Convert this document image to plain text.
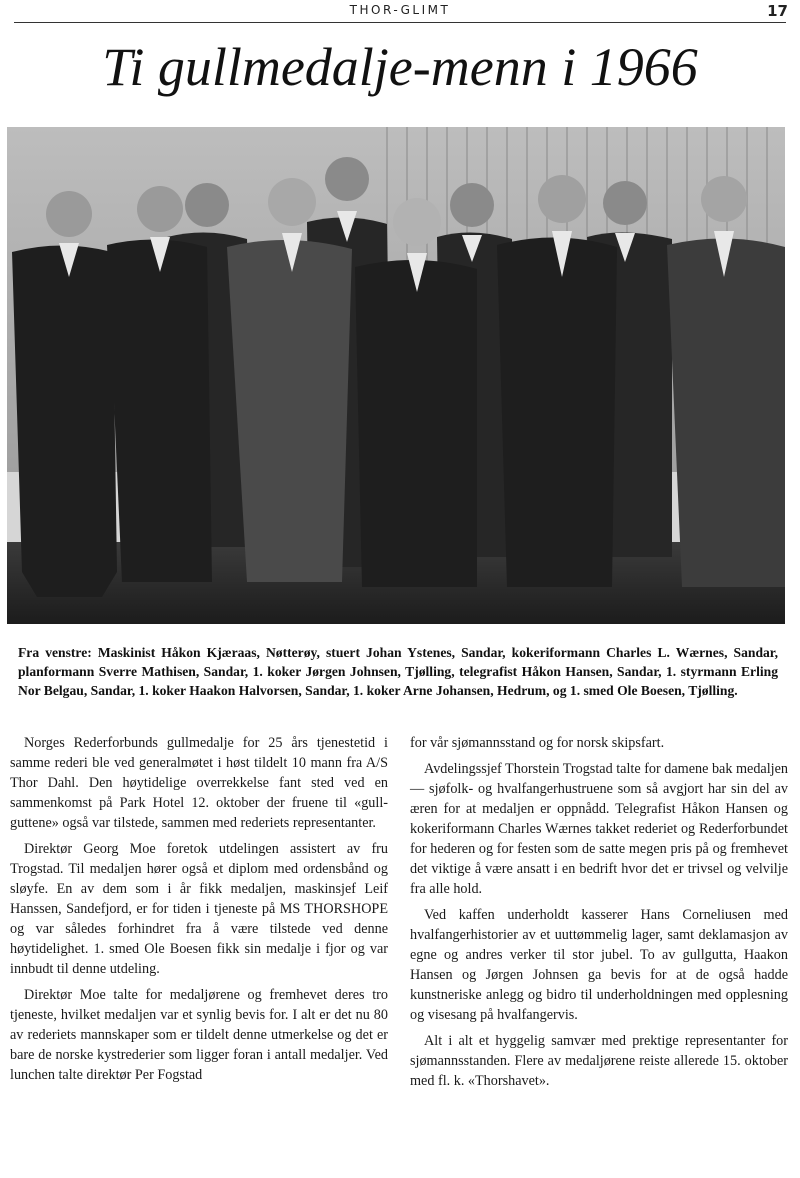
THOR-GLIMT	17
Ti gullmedalje-menn i 1966
Fra venstre: Maskinist Håkon Kjæraas, Nøtterøy, stuert Johan Ystenes, Sandar, kokeriformann Charles L. Wærnes, Sandar, planformann Sverre Mathisen, Sandar, 1. koker Jørgen Johnsen, Tjølling, telegrafist Håkon Hansen, Sandar, 1. styrmann Erling Nor Belgau, Sandar, 1. koker Haakon Halvorsen, Sandar, 1. koker Arne Johansen, Hedrum, og 1. smed Ole Boesen, Tjølling.

Norges Rederforbunds gullmedalje for 25 års tjenestetid i samme rederi ble ved generalmøtet i høst tildelt 10 mann fra A/S Thor Dahl. Den høytidelige overrekkelse fant sted ved en sammenkomst på Park Hotel 12. oktober der fruene til «gull-guttene» også var tilstede, sammen med rederiets representanter.

Direktør Georg Moe foretok utdelingen assistert av fru Trogstad. Til medaljen hører også et diplom med ordensbånd og sløyfe. En av dem som i år fikk medaljen, maskinsjef Leif Hanssen, Sandefjord, er for tiden i tjeneste på MS THORSHOPE og var således forhindret fra å være tilstede ved denne høytidelighet. 1. smed Ole Boesen fikk sin medalje i fjor og var innbudt til denne utdeling.

Direktør Moe talte for medaljørene og fremhevet deres tro tjeneste, hvilket medaljen var et synlig bevis for. I alt er det nu 80 av rederiets mannskaper som er tildelt denne utmerkelse og det er bare de norske kystrederier som ligger foran i antall medaljer. Ved lunchen talte direktør Per Fogstad

for vår sjømannsstand og for norsk skipsfart.

Avdelingssjef Thorstein Trogstad talte for damene bak medaljen — sjøfolk- og hvalfangerhustruene som så avgjort har sin del av æren for at medaljen er oppnådd. Telegrafist Håkon Hansen og kokeriformann Charles Wærnes takket rederiet og Rederforbundet for hederen og for festen som de satte megen pris på og fremhevet det viktige å være ansatt i en bedrift hvor det er trivsel og velvilje fra alle hold.

Ved kaffen underholdt kasserer Hans Corneliusen med hvalfangerhistorier av et uuttømmelig lager, samt deklamasjon av egne og andres verker til stor jubel. To av gullgutta, Haakon Hansen og Jørgen Johnsen ga bevis for at de også hadde kunstneriske anlegg og bidro til underholdningen med opplesning og visesang på hvalfangervis.

Alt i alt et hyggelig samvær med prektige representanter for sjømannsstanden. Flere av medaljørene reiste allerede 15. oktober med fl. k. «Thorshavet».
